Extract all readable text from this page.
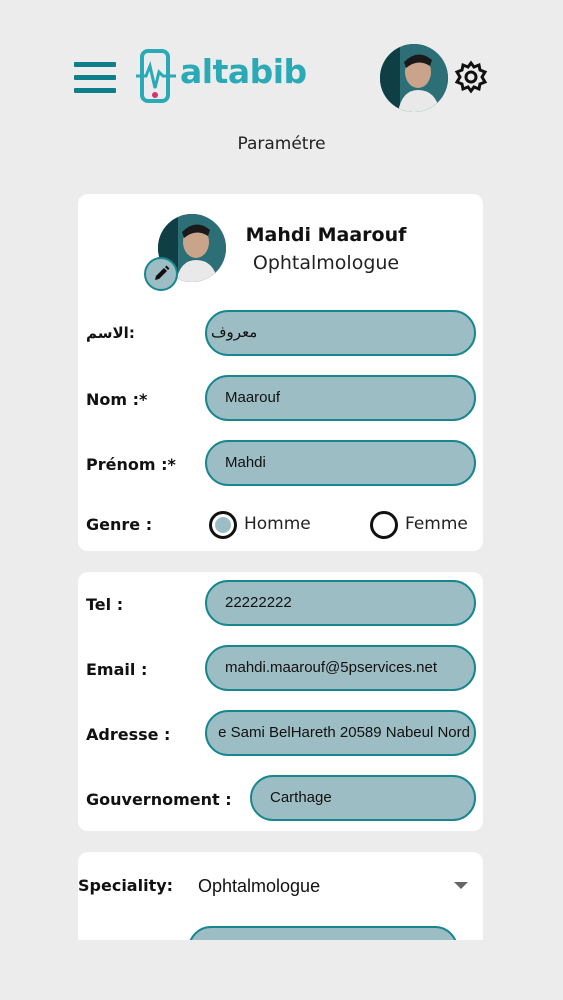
altabib
Paramétre
Mahdi Maarouf
Ophtalmologue
الاسم:	معروف
Nom :*	Maarouf
Prénom :*	Mahdi
Genre :	Homme	Femme
Tel :	22222222
Email :	mahdi.maarouf@5pservices.net
Adresse :	e Sami BelHareth 20589 Nabeul Nord
Gouvernoment :	Carthage
Speciality: Ophtalmologue
